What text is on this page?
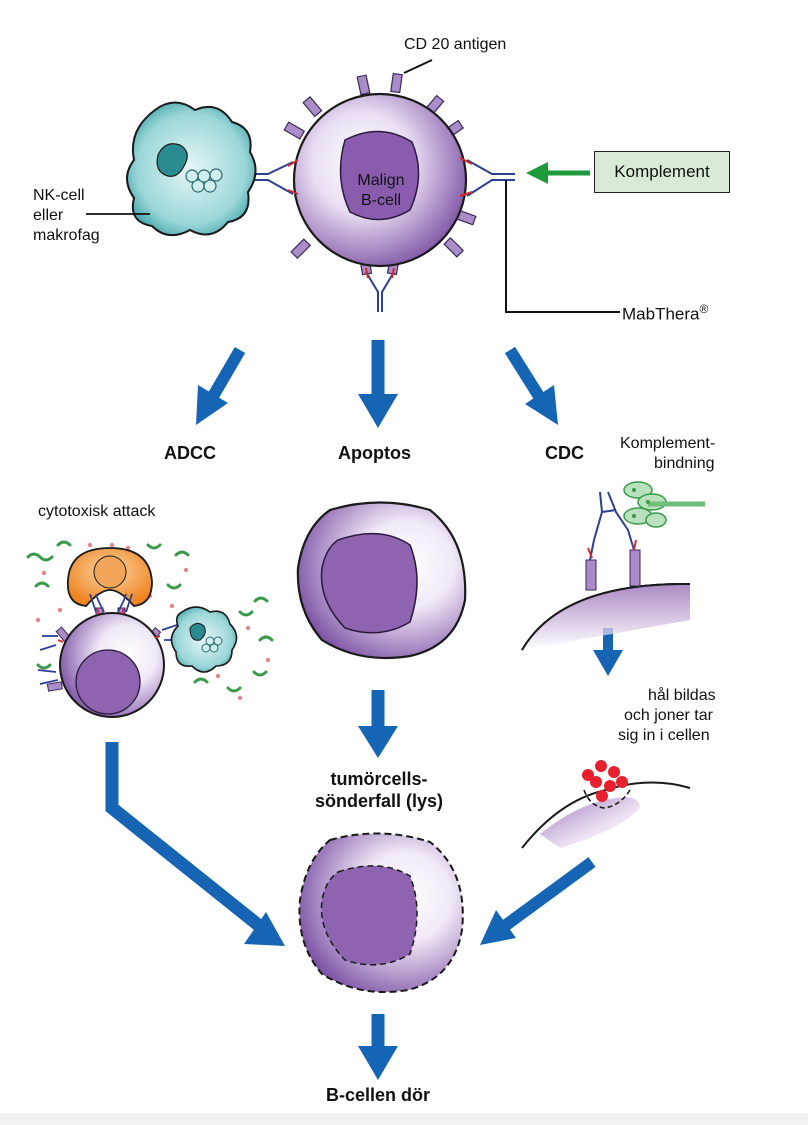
CD 20 antigen
Malign
B-cell
NK-cell
eller
makrofag
Komplement
MabThera®
ADCC	Apoptos	CDC Komplement-
bindning
cytotoxisk attack
hål bildas
och joner tar
sig in i cellen
tumörcells-
sönderfall (lys)
B-cellen dör
